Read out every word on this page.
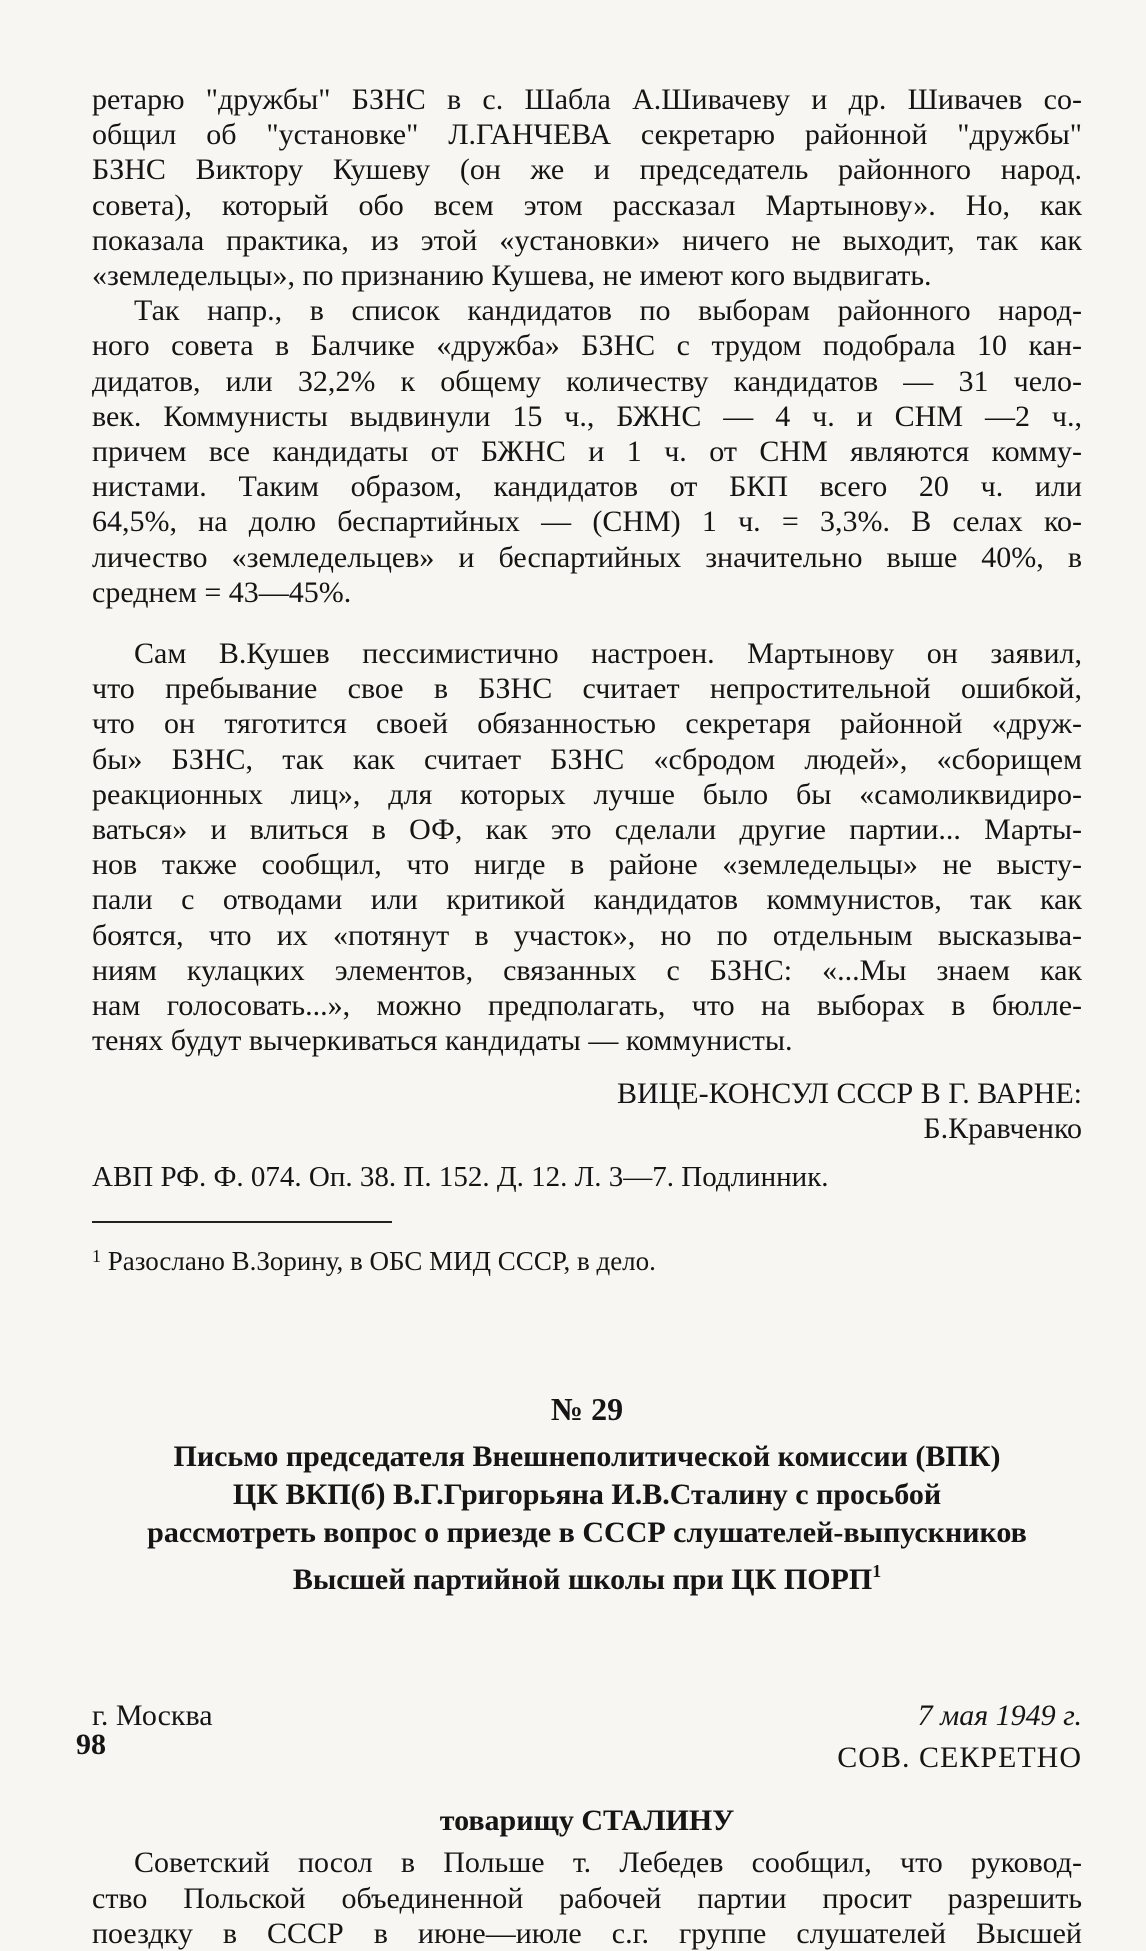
ретарю "дружбы" БЗНС в с. Шабла А.Шивачеву и др. Шивачев со-
общил об "установке" Л.ГАНЧЕВА секретарю районной "дружбы"
БЗНС Виктору Кушеву (он же и председатель районного народ.
совета), который обо всем этом рассказал Мартынову». Но, как
показала практика, из этой «установки» ничего не выходит, так как
«земледельцы», по признанию Кушева, не имеют кого выдвигать.

Так напр., в список кандидатов по выборам районного народ-
ного совета в Балчике «дружба» БЗНС с трудом подобрала 10 кан-
дидатов, или 32,2% к общему количеству кандидатов — 31 чело-
век. Коммунисты выдвинули 15 ч., БЖНС — 4 ч. и СНМ —2 ч.,
причем все кандидаты от БЖНС и 1 ч. от СНМ являются комму-
нистами. Таким образом, кандидатов от БКП всего 20 ч. или
64,5%, на долю беспартийных — (СНМ) 1 ч. = 3,3%. В селах ко-
личество «земледельцев» и беспартийных значительно выше 40%, в
среднем = 43—45%.

Сам В.Кушев пессимистично настроен. Мартынову он заявил,
что пребывание свое в БЗНС считает непростительной ошибкой,
что он тяготится своей обязанностью секретаря районной «друж-
бы» БЗНС, так как считает БЗНС «сбродом людей», «сборищем
реакционных лиц», для которых лучше было бы «самоликвидиро-
ваться» и влиться в ОФ, как это сделали другие партии... Марты-
нов также сообщил, что нигде в районе «земледельцы» не высту-
пали с отводами или критикой кандидатов коммунистов, так как
боятся, что их «потянут в участок», но по отдельным высказыва-
ниям кулацких элементов, связанных с БЗНС: «...Мы знаем как
нам голосовать...», можно предполагать, что на выборах в бюлле-
тенях будут вычеркиваться кандидаты — коммунисты.

ВИЦЕ-КОНСУЛ СССР В Г. ВАРНЕ:

Б.Кравченко

АВП РФ. Ф. 074. Оп. 38. П. 152. Д. 12. Л. 3—7. Подлинник.

$^1$ Разослано В.Зорину, в ОБС МИД СССР, в дело.

№ 29

Письмо председателя Внешнеполитической комиссии (ВПК)
ЦК ВКП(б) В.Г.Григорьяна И.В.Сталину с просьбой
рассмотреть вопрос о приезде в СССР слушателей-выпускников
Высшей партийной школы при ЦК ПОРП$^1$
г. Москва	7 мая 1949 г.
СОВ. СЕКРЕТНО

товарищу СТАЛИНУ

Советский посол в Польше т. Лебедев сообщил, что руковод-
ство Польской объединенной рабочей партии просит разрешить
поездку в СССР в июне—июле с.г. группе слушателей Высшей

98
